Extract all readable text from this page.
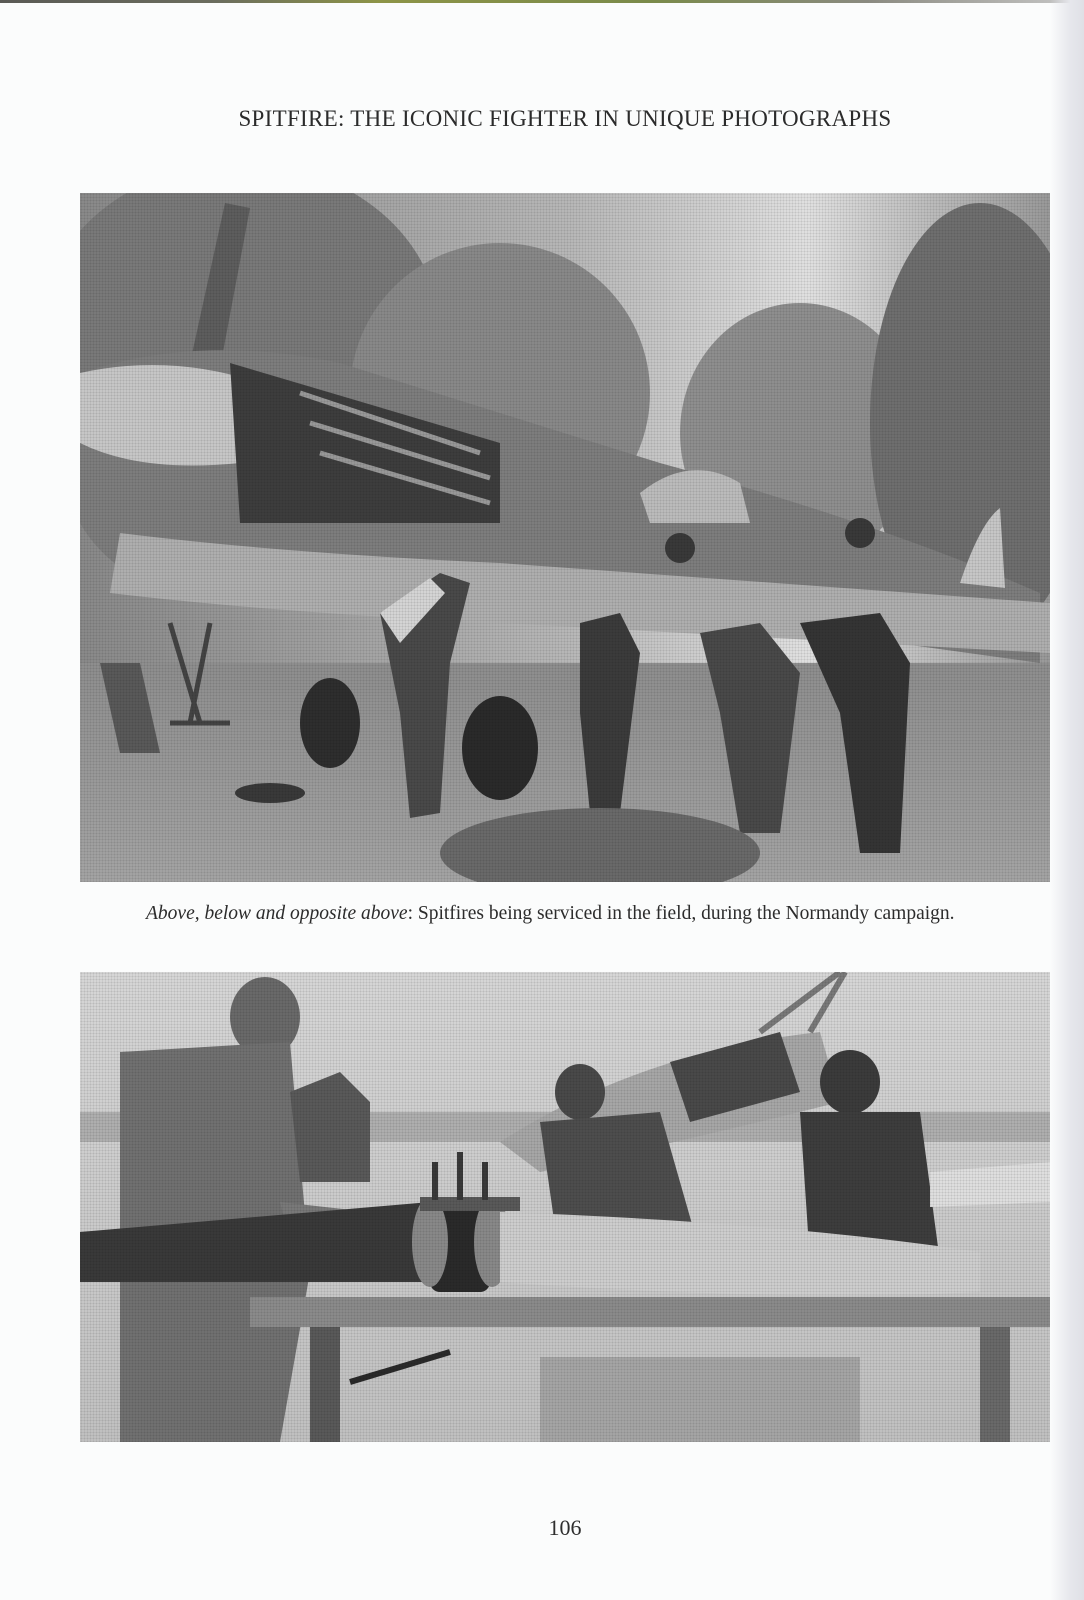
SPITFIRE: THE ICONIC FIGHTER IN UNIQUE PHOTOGRAPHS
Above, below and opposite above: Spitfires being serviced in the field, during the Normandy campaign.
106
